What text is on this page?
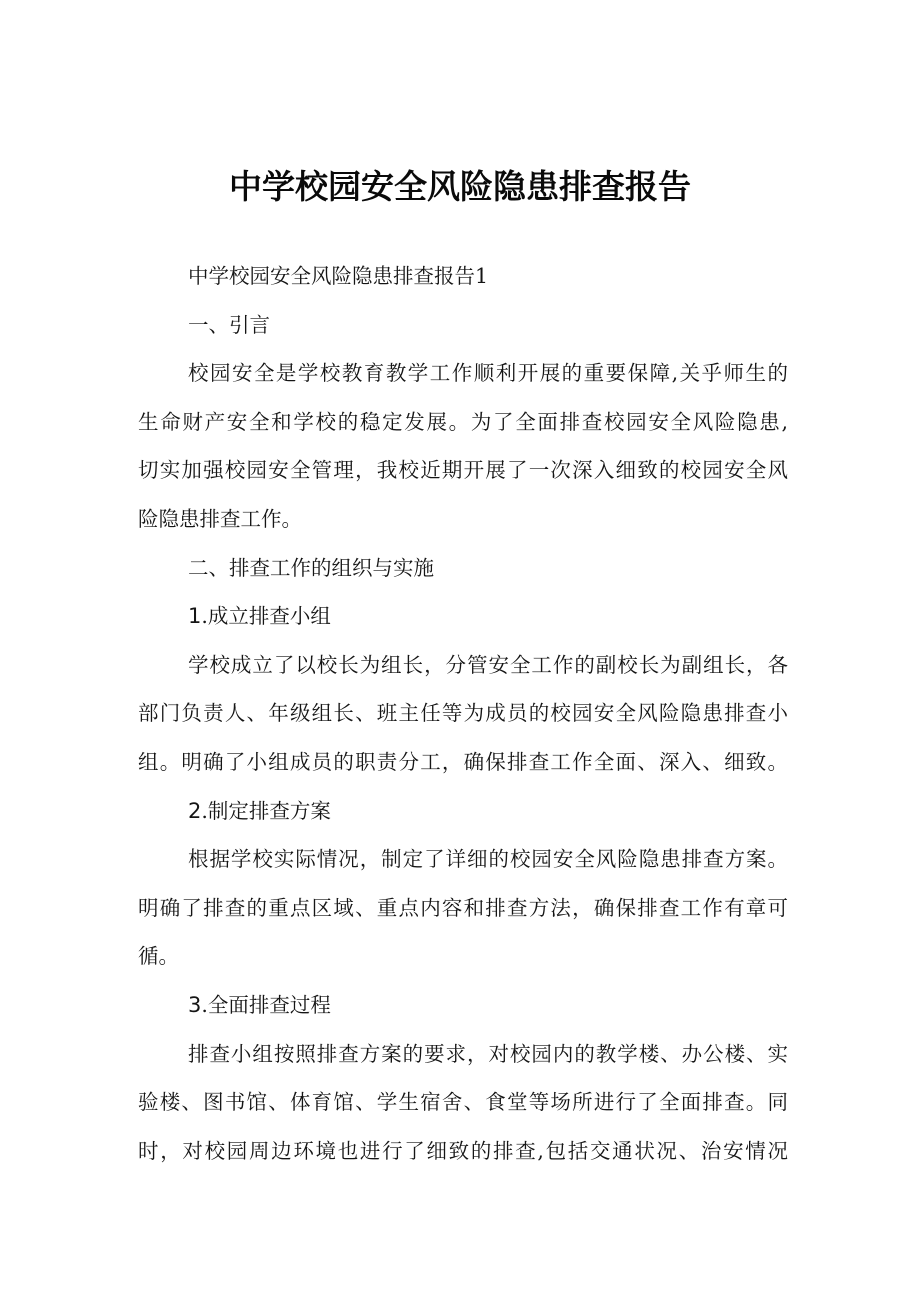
中学校园安全风险隐患排查报告
中学校园安全风险隐患排查报告1
一、引言
校园安全是学校教育教学工作顺利开展的重要保障,关乎师生的
生命财产安全和学校的稳定发展。为了全面排查校园安全风险隐患,
切实加强校园安全管理，我校近期开展了一次深入细致的校园安全风
险隐患排查工作。
二、排查工作的组织与实施
1.成立排查小组
学校成立了以校长为组长，分管安全工作的副校长为副组长，各
部门负责人、年级组长、班主任等为成员的校园安全风险隐患排查小
组。明确了小组成员的职责分工，确保排查工作全面、深入、细致。
2.制定排查方案
根据学校实际情况，制定了详细的校园安全风险隐患排查方案。
明确了排查的重点区域、重点内容和排查方法，确保排查工作有章可
循。
3.全面排查过程
排查小组按照排查方案的要求，对校园内的教学楼、办公楼、实
验楼、图书馆、体育馆、学生宿舍、食堂等场所进行了全面排查。同
时，对校园周边环境也进行了细致的排查,包括交通状况、治安情况
